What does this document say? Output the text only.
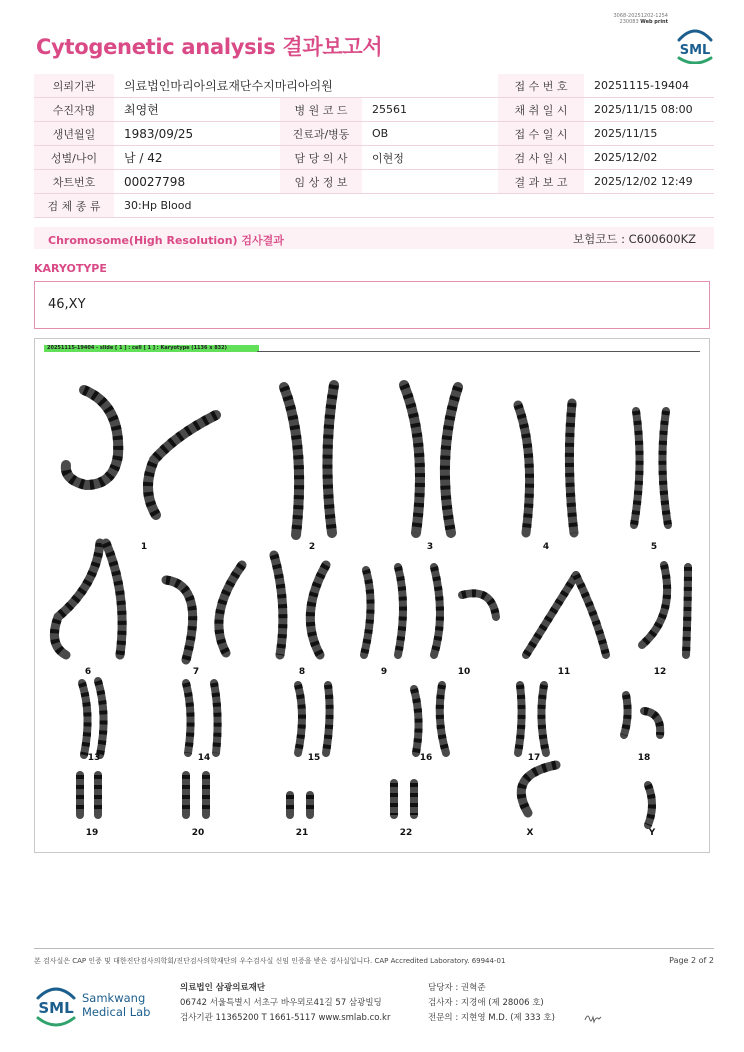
3068-20251202-1254
230083 Web print
Cytogenetic analysis 결과보고서	SML
의뢰기관	의료법인마리아의료재단수지마리아의원			접 수 번 호	20251115-19404
수진자명	최영현	병 원 코 드	25561	채 취 일 시	2025/11/15 08:00
생년월일	1983/09/25	진료과/병동	OB	접 수 일 시	2025/11/15
성별/나이	남 / 42	담 당 의 사	이현정	검 사 일 시	2025/12/02
차트번호	00027798	임 상 정 보		결 과 보 고	2025/12/02 12:49
검 체 종 류	30:Hp Blood				
Chromosome(High Resolution) 검사결과	보험코드 : C600600KZ
KARYOTYPE
46,XY
20251115-19404 - slide [ 1 ] : cell [ 1 ] : Karyotype (1136 x 832)
1	2	3	4	5
6	7	8	9	10	11	12
13	14	15	16	17	18
19	20	21	22	X	Y
본 검사실은 CAP 인증 및 대한진단검사의학회/진단검사의학재단의 우수검사실 신임 인증을 받은 검사실입니다. CAP Accredited Laboratory. 69944-01	Page 2 of 2
SML
Samkwang
Medical Lab
의료법인 삼광의료재단
06742 서울특별시 서초구 바우뫼로41길 57 삼광빌딩
검사기관 11365200 T 1661-5117 www.smlab.co.kr
담당자 : 권혁준
검사자 : 지경애 (제 28006 호)
전문의 : 지현영 M.D. (제 333 호)
